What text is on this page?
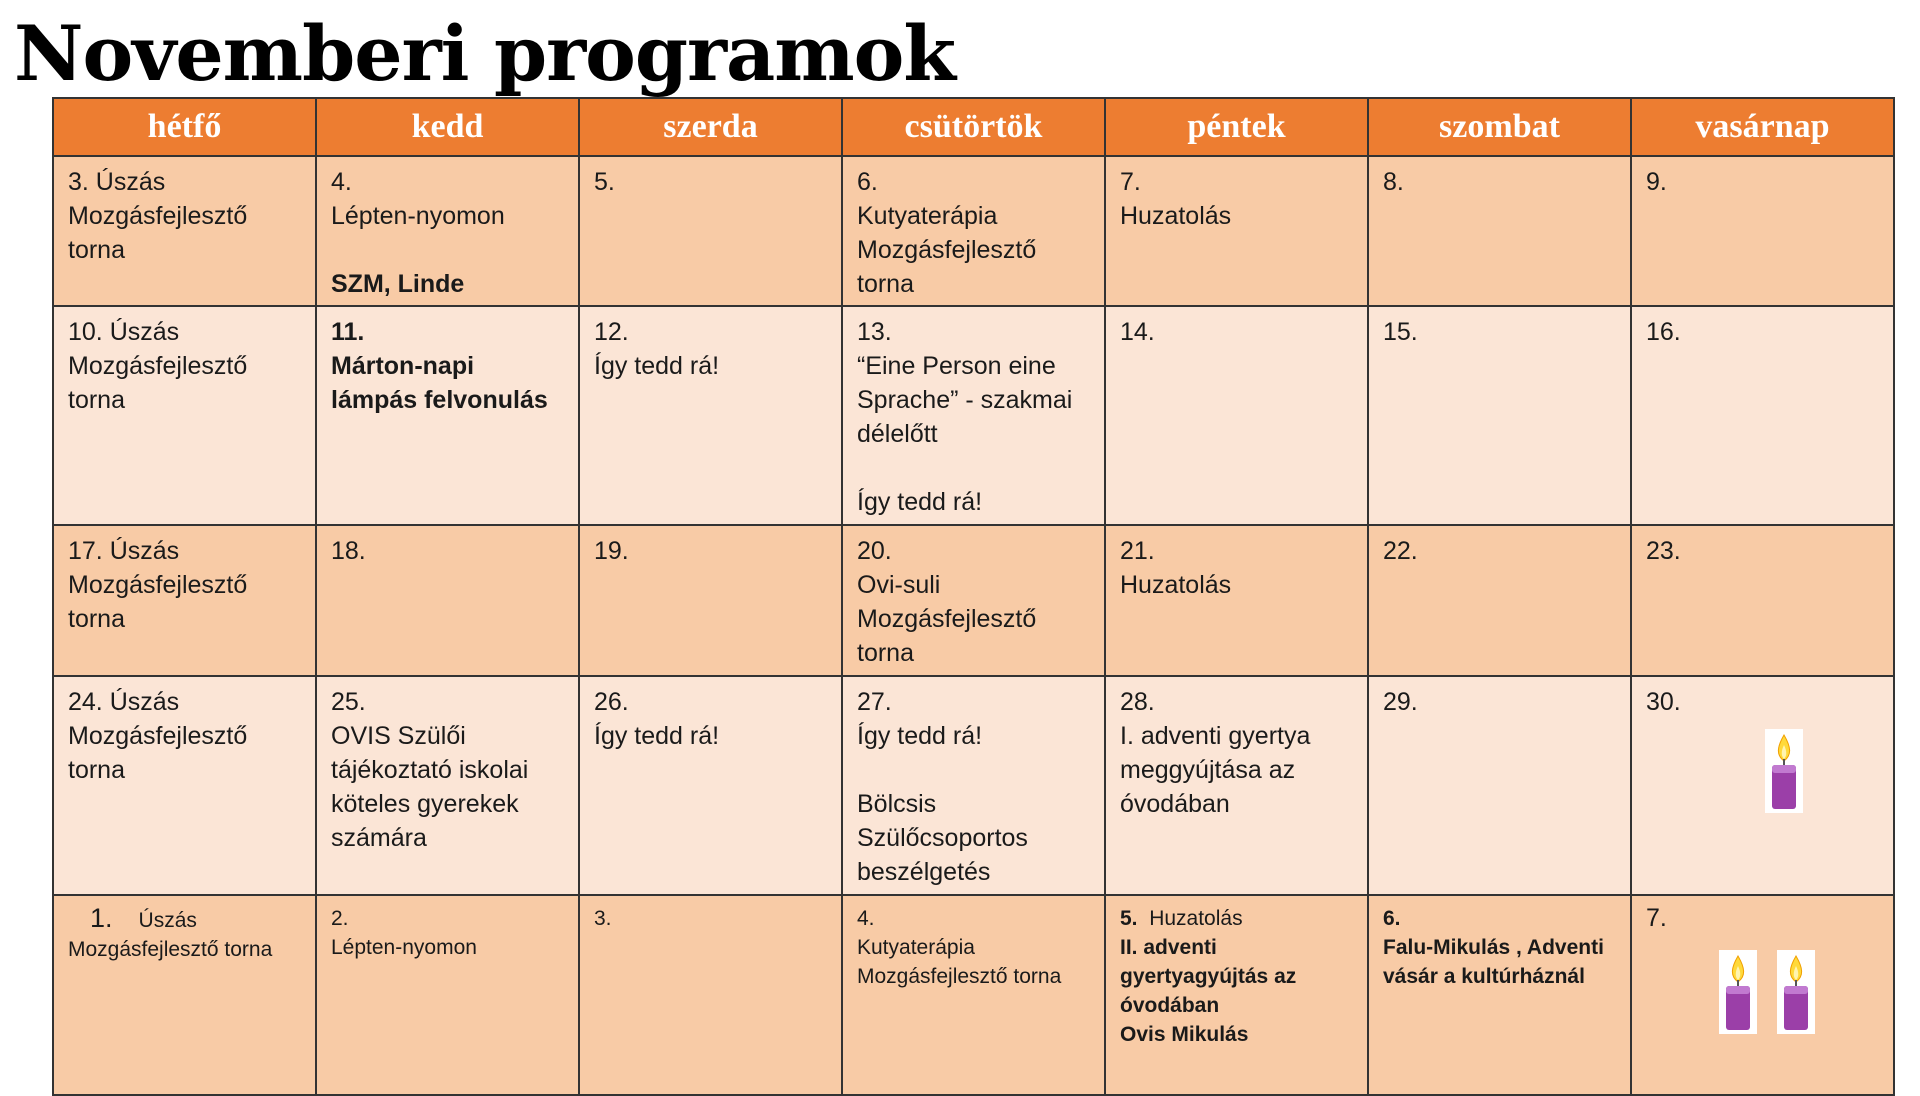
Novemberi programok
hétfő	kedd	szerda	csütörtök	péntek	szombat	vasárnap

3. Úszás
Mozgásfejlesztő
torna	4.
Lépten-nyomon
SZM, Linde	5.	6.
Kutyaterápia
Mozgásfejlesztő
torna	7.
Huzatolás	8.	9.

10. Úszás
Mozgásfejlesztő
torna	11.
Márton-napi lámpás felvonulás	12.
Így tedd rá!	13.
“Eine Person eine Sprache” - szakmai délelőtt
Így tedd rá!	14.	15.	16.

17. Úszás
Mozgásfejlesztő
torna	18.	19.	20.
Ovi-suli
Mozgásfejlesztő
torna	21.
Huzatolás	22.	23.

24. Úszás
Mozgásfejlesztő
torna	25.
OVIS Szülői tájékoztató iskolai köteles gyerekek számára	26.
Így tedd rá!	27.
Így tedd rá!
Bölcsis Szülőcsoportos beszélgetés	28.
I. adventi gyertya meggyújtása az óvodában	29.	30.

1. Úszás
Mozgásfejlesztő torna	2.
Lépten-nyomon	3.	4.
Kutyaterápia
Mozgásfejlesztő torna	5. Huzatolás
II. adventi gyertyagyújtás az óvodában
Ovis Mikulás	6.
Falu-Mikulás , Adventi vásár a kultúrháznál	7.
